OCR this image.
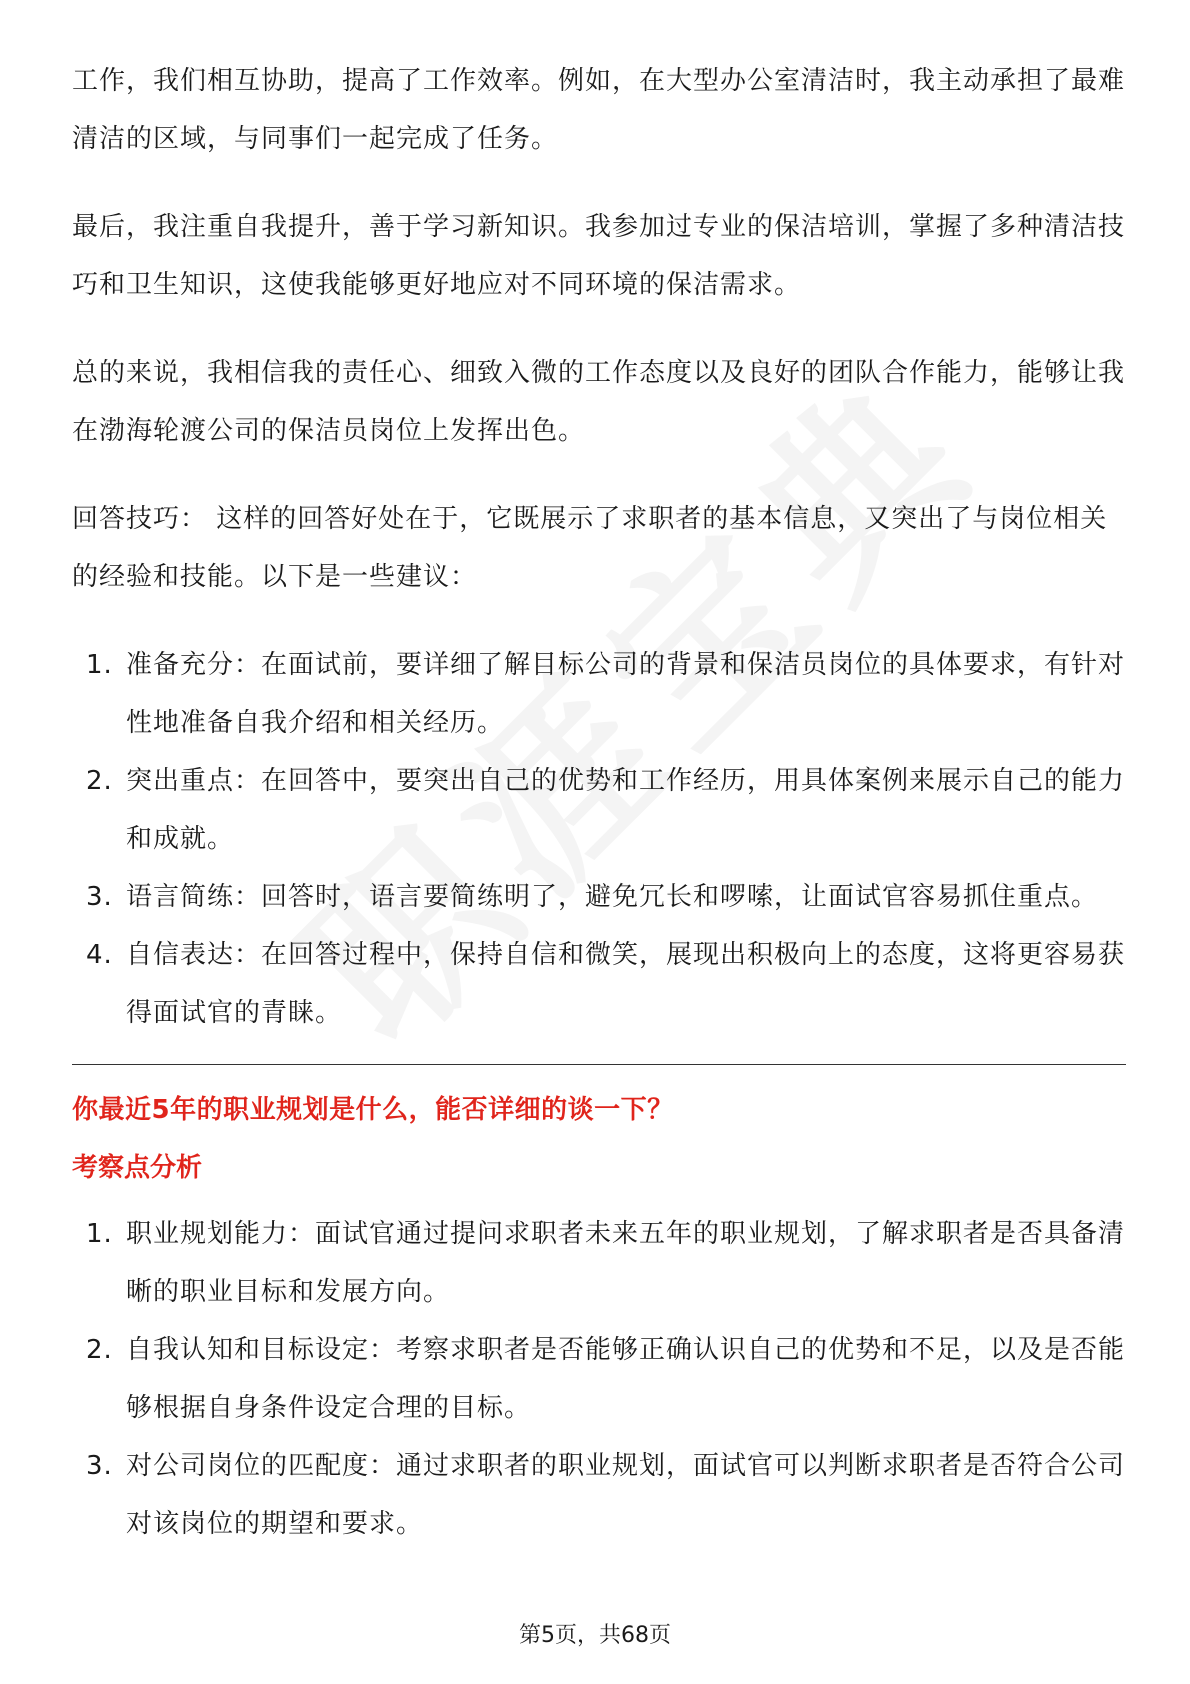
工作，我们相互协助，提高了工作效率。例如，在大型办公室清洁时，我主动承担了最难清洁的区域，与同事们一起完成了任务。

最后，我注重自我提升，善于学习新知识。我参加过专业的保洁培训，掌握了多种清洁技巧和卫生知识，这使我能够更好地应对不同环境的保洁需求。

总的来说，我相信我的责任心、细致入微的工作态度以及良好的团队合作能力，能够让我在渤海轮渡公司的保洁员岗位上发挥出色。

回答技巧： 这样的回答好处在于，它既展示了求职者的基本信息，又突出了与岗位相关的经验和技能。以下是一些建议：

1. 准备充分：在面试前，要详细了解目标公司的背景和保洁员岗位的具体要求，有针对性地准备自我介绍和相关经历。
2. 突出重点：在回答中，要突出自己的优势和工作经历，用具体案例来展示自己的能力和成就。
3. 语言简练：回答时，语言要简练明了，避免冗长和啰嗦，让面试官容易抓住重点。
4. 自信表达：在回答过程中，保持自信和微笑，展现出积极向上的态度，这将更容易获得面试官的青睐。

你最近5年的职业规划是什么，能否详细的谈一下？

考察点分析

1. 职业规划能力：面试官通过提问求职者未来五年的职业规划，了解求职者是否具备清晰的职业目标和发展方向。
2. 自我认知和目标设定：考察求职者是否能够正确认识自己的优势和不足，以及是否能够根据自身条件设定合理的目标。
3. 对公司岗位的匹配度：通过求职者的职业规划，面试官可以判断求职者是否符合公司对该岗位的期望和要求。
第5页，共68页
